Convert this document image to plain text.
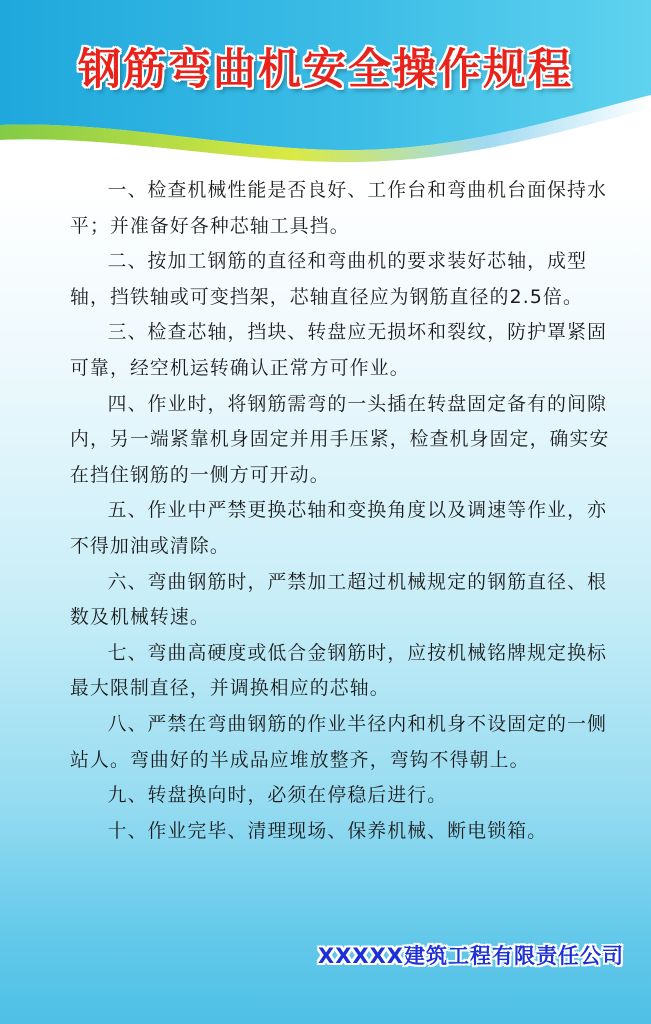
钢筋弯曲机安全操作规程

一、检查机械性能是否良好、工作台和弯曲机台面保持水平；并准备好各种芯轴工具挡。

二、按加工钢筋的直径和弯曲机的要求装好芯轴，成型轴，挡铁轴或可变挡架，芯轴直径应为钢筋直径的2.5倍。

三、检查芯轴，挡块、转盘应无损坏和裂纹，防护罩紧固可靠，经空机运转确认正常方可作业。

四、作业时，将钢筋需弯的一头插在转盘固定备有的间隙内，另一端紧靠机身固定并用手压紧，检查机身固定，确实安在挡住钢筋的一侧方可开动。

五、作业中严禁更换芯轴和变换角度以及调速等作业，亦不得加油或清除。

六、弯曲钢筋时，严禁加工超过机械规定的钢筋直径、根数及机械转速。

七、弯曲高硬度或低合金钢筋时，应按机械铭牌规定换标最大限制直径，并调换相应的芯轴。

八、严禁在弯曲钢筋的作业半径内和机身不设固定的一侧站人。弯曲好的半成品应堆放整齐，弯钩不得朝上。

九、转盘换向时，必须在停稳后进行。

十、作业完毕、清理现场、保养机械、断电锁箱。

XXXXX建筑工程有限责任公司
